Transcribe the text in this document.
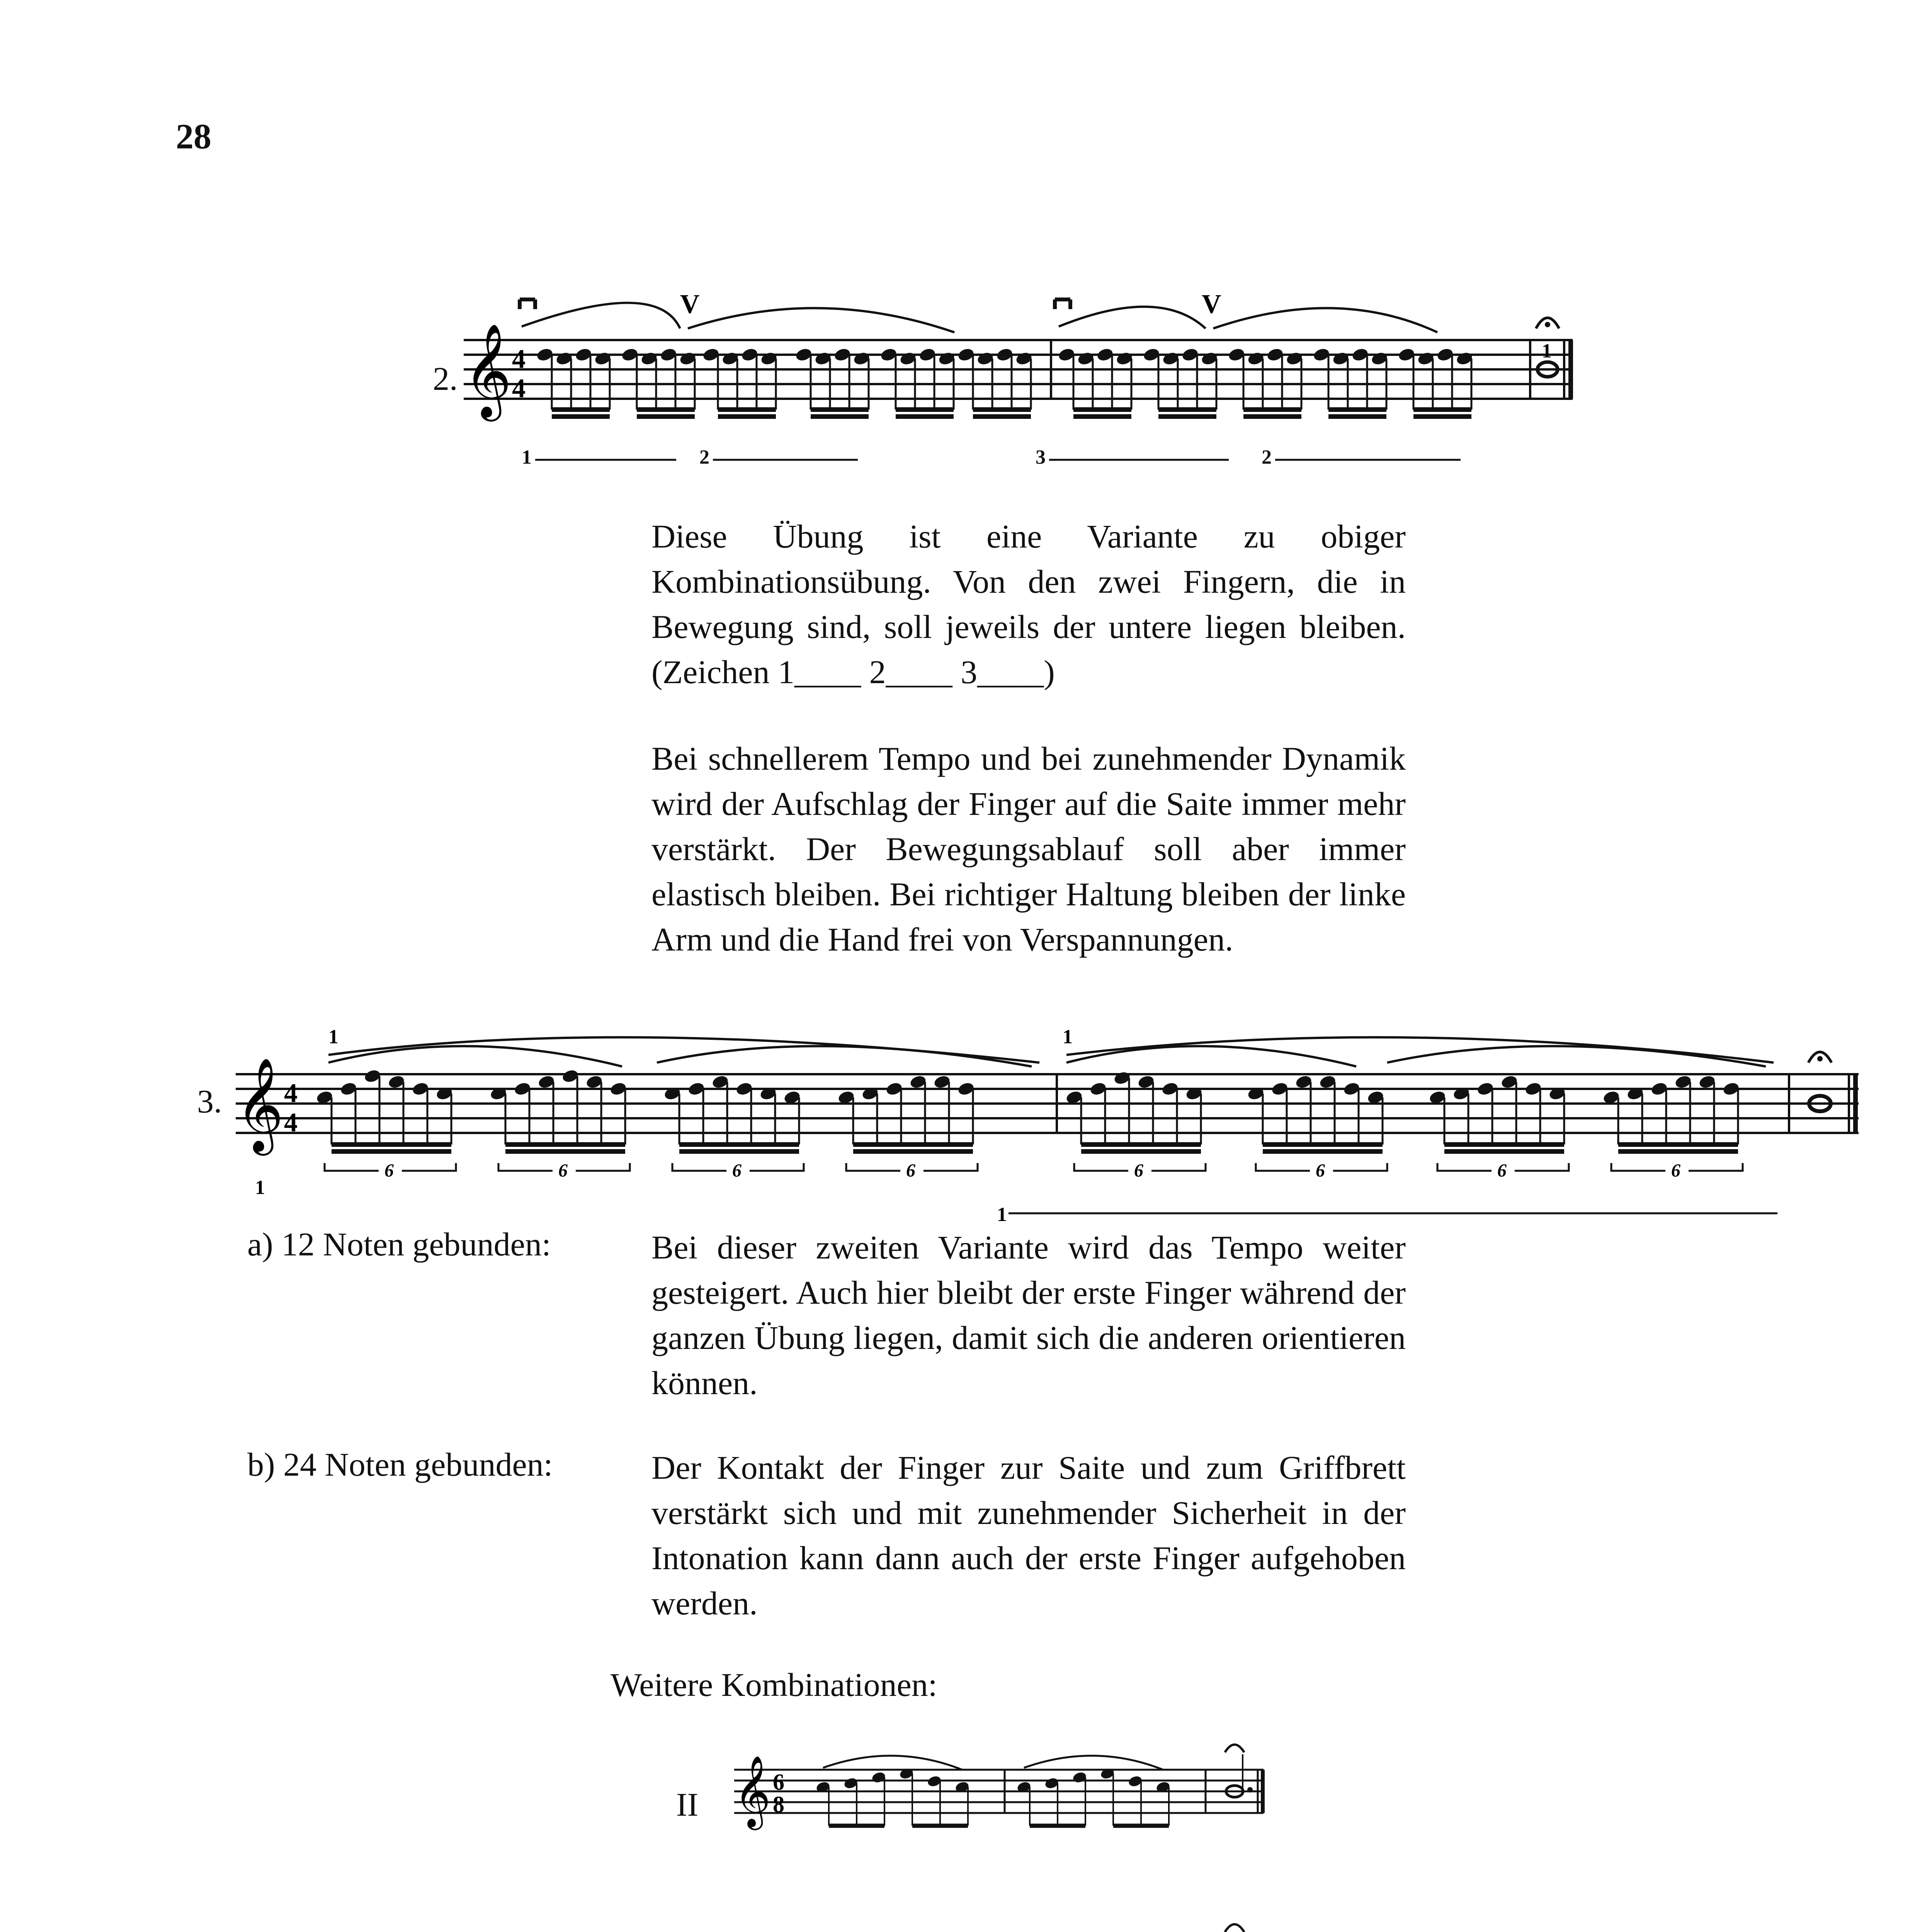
28
2. 𝄞 4
4
1
V	V
1	2	3	2
Diese Übung ist eine Variante zu obiger Kombinationsübung. Von den zwei Fingern, die in Bewegung sind, soll jeweils der untere liegen bleiben. (Zeichen 1____ 2____ 3____)
Bei schnellerem Tempo und bei zunehmender Dynamik wird der Aufschlag der Finger auf die Saite immer mehr verstärkt. Der Bewegungsablauf soll aber immer elastisch bleiben. Bei richtiger Haltung bleiben der linke Arm und die Hand frei von Verspannungen.
3. 𝄞 4
4
1	1
6	6	6	6	6	6	6	6
1
1
a) 12 Noten gebunden:	Bei dieser zweiten Variante wird das Tempo weiter gesteigert. Auch hier bleibt der erste Finger während der ganzen Übung liegen, damit sich die anderen orientieren können.
b) 24 Noten gebunden:	Der Kontakt der Finger zur Saite und zum Griffbrett verstärkt sich und mit zunehmender Sicherheit in der Intonation kann dann auch der erste Finger aufgehoben werden.
Weitere Kombinationen:
II 𝄞 6
8
